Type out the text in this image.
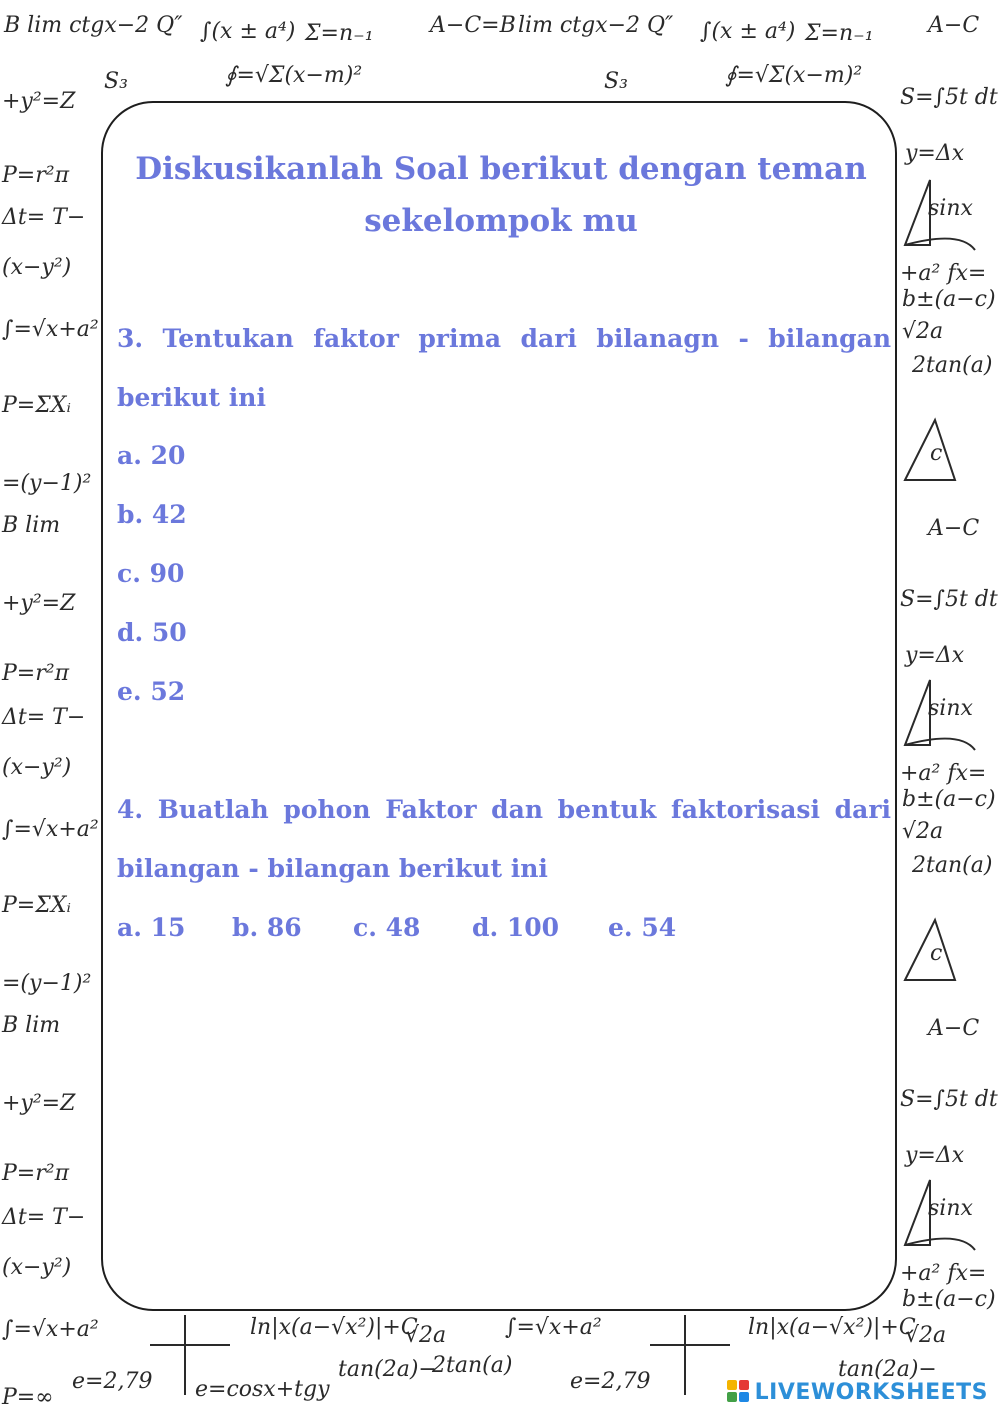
B lim ctgx−2 Q″ ∫(x ± a⁴) Σ=n₋₁	A−C=B lim ctgx−2 Q″ ∫(x ± a⁴) Σ=n₋₁ A−C
S₃	∮=√Σ(x−m)²	S₃	∮=√Σ(x−m)²
S=∫5t dt
+y²=Z
P=r²π
Δt= T−
(x−y²)
∫=√x+a²
P=ΣXᵢ
=(y−1)²
B lim
+y²=Z
P=r²π
Δt= T−
(x−y²)
∫=√x+a²
P=ΣXᵢ
=(y−1)²
B lim
+y²=Z
P=r²π
Δt= T−
(x−y²)
∫=√x+a²
P=∞
y=Δx
sinx
+a² fx=
b±(a−c)
√2a
2tan(a)
c
A−C
S=∫5t dt
y=Δx
sinx
+a² fx=
b±(a−c)
√2a
2tan(a)
c
A−C
S=∫5t dt
y=Δx
sinx
+a² fx=
b±(a−c)
ln|x(a−√x²)|+C
√2a	∫=√x+a²	ln|x(a−√x²)|+C
√2a
e=2,79 e=cosx+tgy
tan(2a)−
2tan(a)
e=2,79	tan(2a)−
Diskusikanlah Soal berikut dengan teman sekelompok mu
3. Tentukan faktor prima dari bilanagn - bilangan berikut ini
a. 20
b. 42
c. 90
d. 50
e. 52
4. Buatlah pohon Faktor dan bentuk faktorisasi dari bilangan - bilangan berikut ini
a. 15 b. 86 c. 48 d. 100 e. 54
LIVEWORKSHEETS
